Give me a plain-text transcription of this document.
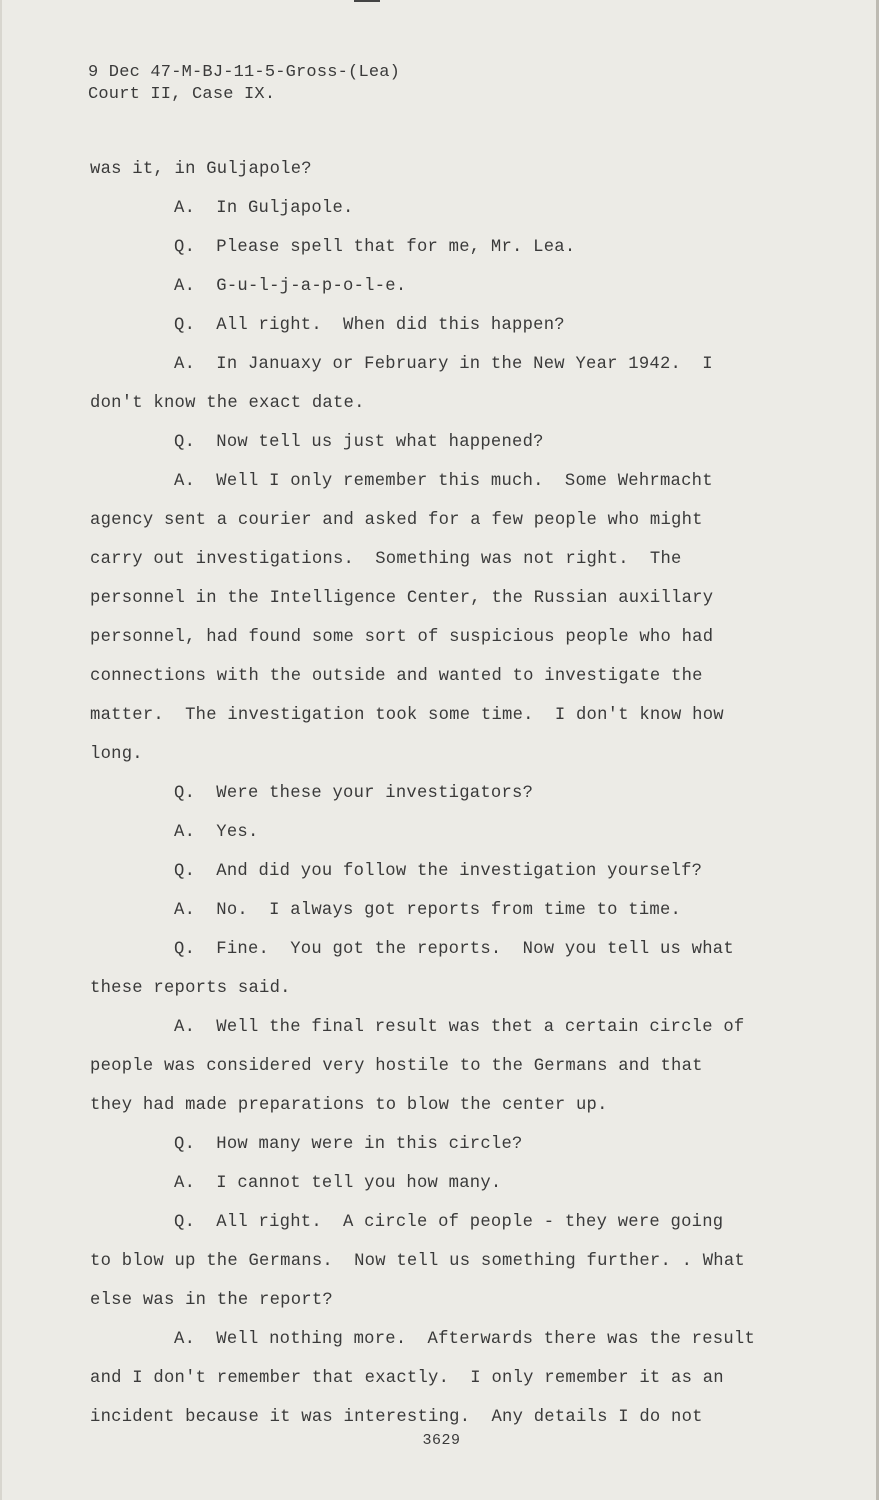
9 Dec 47-M-BJ-11-5-Gross-(Lea)
Court II, Case IX.
was it, in Guljapole?
A.  In Guljapole.
Q.  Please spell that for me, Mr. Lea.
A.  G-u-l-j-a-p-o-l-e.
Q.  All right.  When did this happen?
A.  In Januaxy or February in the New Year 1942.  I
don't know the exact date.
Q.  Now tell us just what happened?
A.  Well I only remember this much.  Some Wehrmacht
agency sent a courier and asked for a few people who might
carry out investigations.  Something was not right.  The
personnel in the Intelligence Center, the Russian auxillary
personnel, had found some sort of suspicious people who had
connections with the outside and wanted to investigate the
matter.  The investigation took some time.  I don't know how
long.
Q.  Were these your investigators?
A.  Yes.
Q.  And did you follow the investigation yourself?
A.  No.  I always got reports from time to time.
Q.  Fine.  You got the reports.  Now you tell us what
these reports said.
A.  Well the final result was thet a certain circle of
people was considered very hostile to the Germans and that
they had made preparations to blow the center up.
Q.  How many were in this circle?
A.  I cannot tell you how many.
Q.  All right.  A circle of people - they were going
to blow up the Germans.  Now tell us something further. . What
else was in the report?
A.  Well nothing more.  Afterwards there was the result
and I don't remember that exactly.  I only remember it as an
incident because it was interesting.  Any details I do not
3629
